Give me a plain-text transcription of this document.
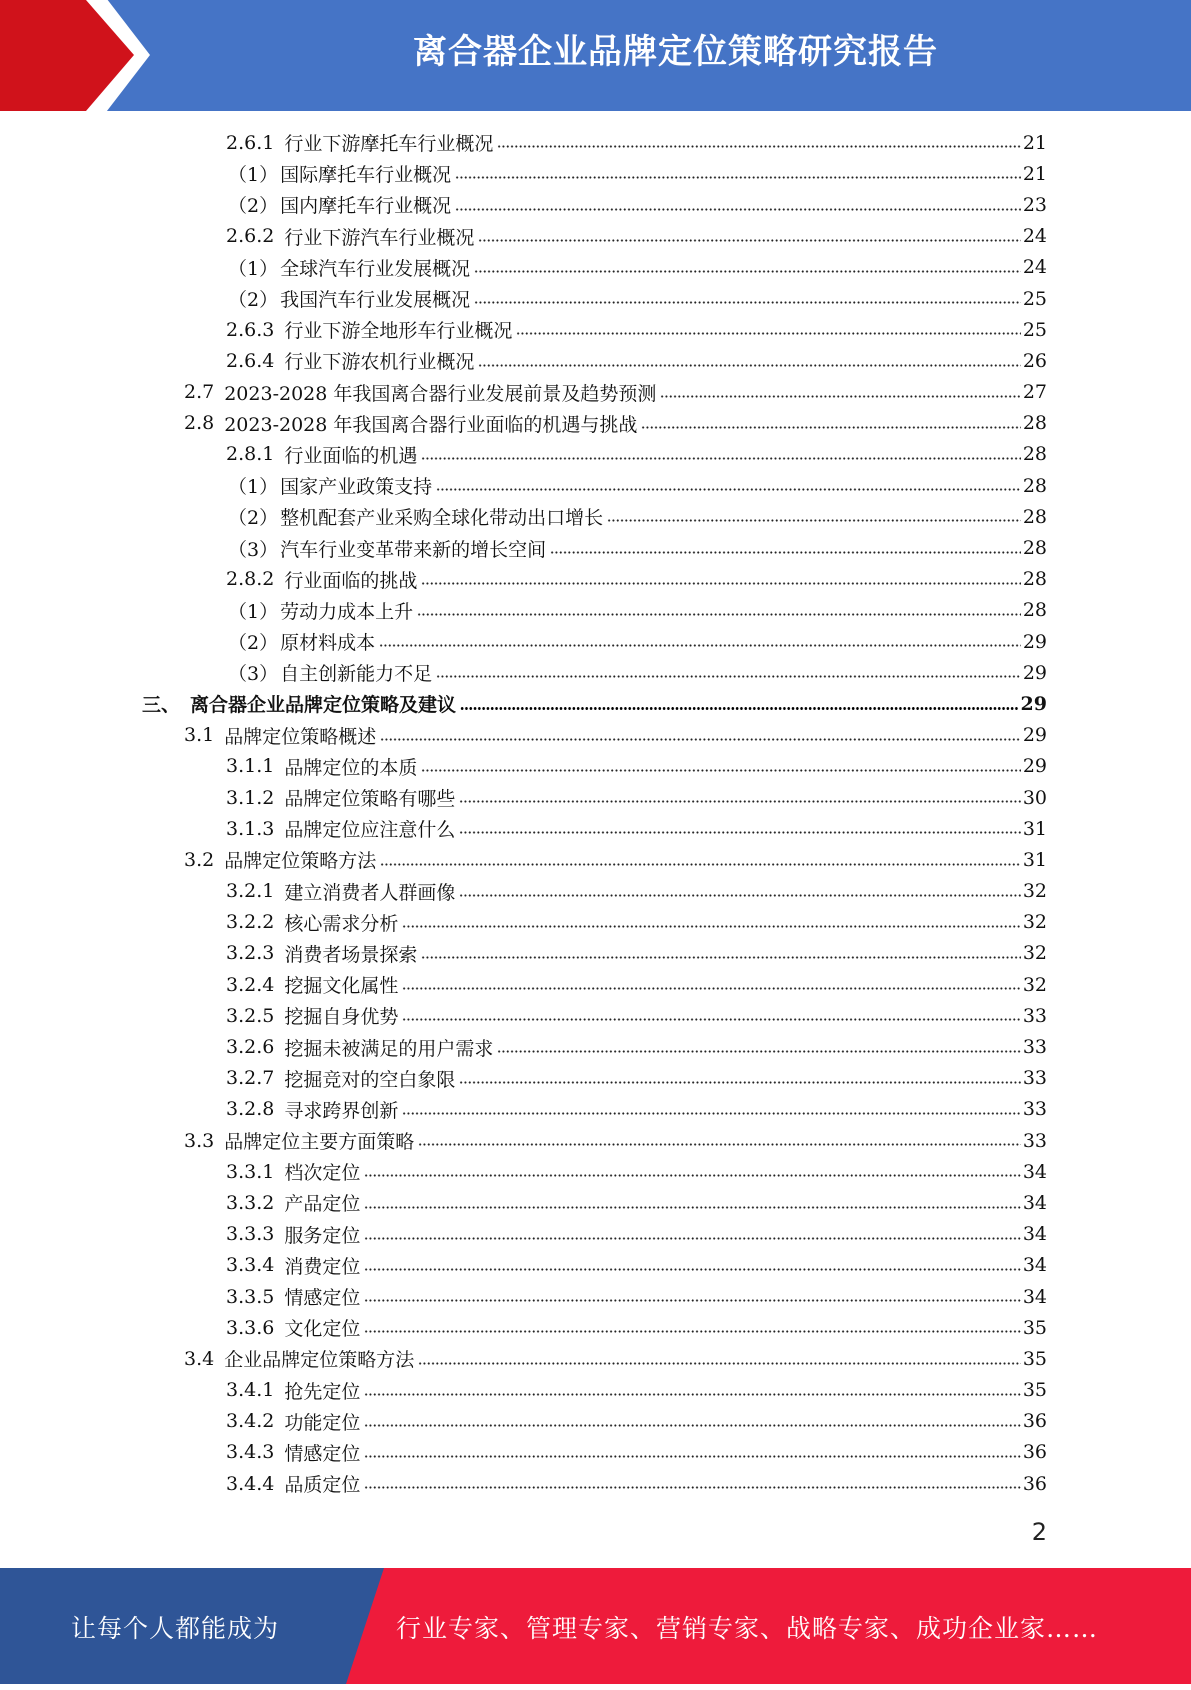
离合器企业品牌定位策略研究报告
2.6.1 行业下游摩托车行业概况	21
（1） 国际摩托车行业概况	21
（2） 国内摩托车行业概况	23
2.6.2 行业下游汽车行业概况	24
（1） 全球汽车行业发展概况	24
（2） 我国汽车行业发展概况	25
2.6.3 行业下游全地形车行业概况	25
2.6.4 行业下游农机行业概况	26
2.7 2023-2028 年我国离合器行业发展前景及趋势预测	27
2.8 2023-2028 年我国离合器行业面临的机遇与挑战	28
2.8.1 行业面临的机遇	28
（1） 国家产业政策支持	28
（2） 整机配套产业采购全球化带动出口增长	28
（3） 汽车行业变革带来新的增长空间	28
2.8.2 行业面临的挑战	28
（1） 劳动力成本上升	28
（2） 原材料成本	29
（3） 自主创新能力不足	29
三、 离合器企业品牌定位策略及建议	29
3.1 品牌定位策略概述	29
3.1.1 品牌定位的本质	29
3.1.2 品牌定位策略有哪些	30
3.1.3 品牌定位应注意什么	31
3.2 品牌定位策略方法	31
3.2.1 建立消费者人群画像	32
3.2.2 核心需求分析	32
3.2.3 消费者场景探索	32
3.2.4 挖掘文化属性	32
3.2.5 挖掘自身优势	33
3.2.6 挖掘未被满足的用户需求	33
3.2.7 挖掘竞对的空白象限	33
3.2.8 寻求跨界创新	33
3.3 品牌定位主要方面策略	33
3.3.1 档次定位	34
3.3.2 产品定位	34
3.3.3 服务定位	34
3.3.4 消费定位	34
3.3.5 情感定位	34
3.3.6 文化定位	35
3.4 企业品牌定位策略方法	35
3.4.1 抢先定位	35
3.4.2 功能定位	36
3.4.3 情感定位	36
3.4.4 品质定位	36
2
让每个人都能成为	行业专家、管理专家、营销专家、战略专家、成功企业家……
